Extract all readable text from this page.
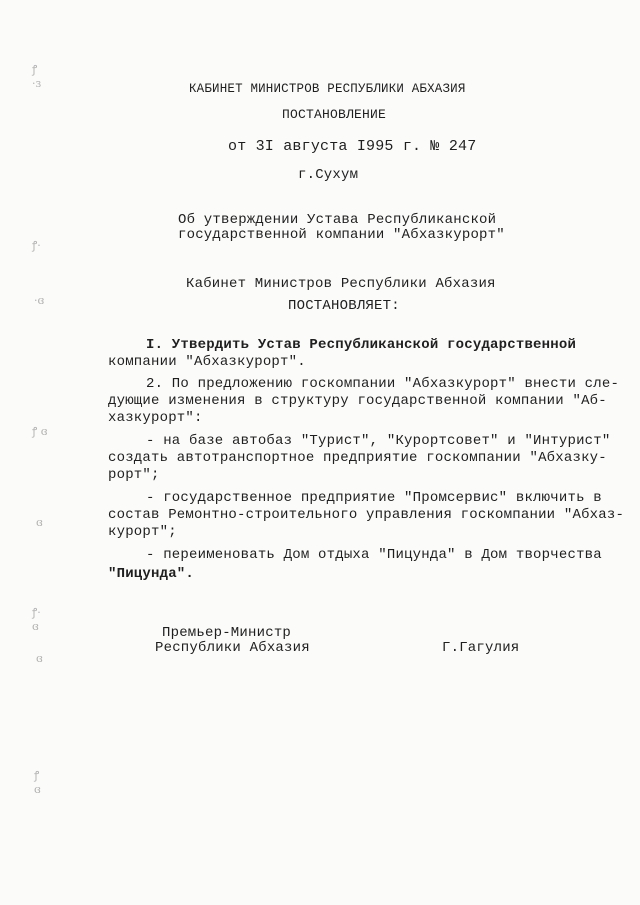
ꝭ
·ɜ
ꝭ·
·ɞ
ꝭ ɞ
ɞ
ꝭ·
ɞ
ɞ
ꝭ
ɞ
КАБИНЕТ МИНИСТРОВ РЕСПУБЛИКИ АБХАЗИЯ
ПОСТАНОВЛЕНИЕ
от 3I августа I995 г. № 247
г.Сухум
Об утверждении Устава Республиканской
государственной компании "Абхазкурорт"
Кабинет Министров Республики Абхазия
ПОСТАНОВЛЯЕТ:
I. Утвердить Устав Республиканской государственной
компании "Абхазкурорт".
2. По предложению госкомпании "Абхазкурорт" внести сле-
дующие изменения в структуру государственной компании "Аб-
хазкурорт":
- на базе автобаз "Турист", "Курортсовет" и "Интурист"
создать автотранспортное предприятие госкомпании "Абхазку-
рорт";
- государственное предприятие "Промсервис" включить в
состав Ремонтно-строительного управления госкомпании "Абхаз-
курорт";
- переименовать Дом отдыха "Пицунда" в Дом творчества
"Пицунда".
Премьер-Министр
Республики Абхазия	Г.Гагулия
